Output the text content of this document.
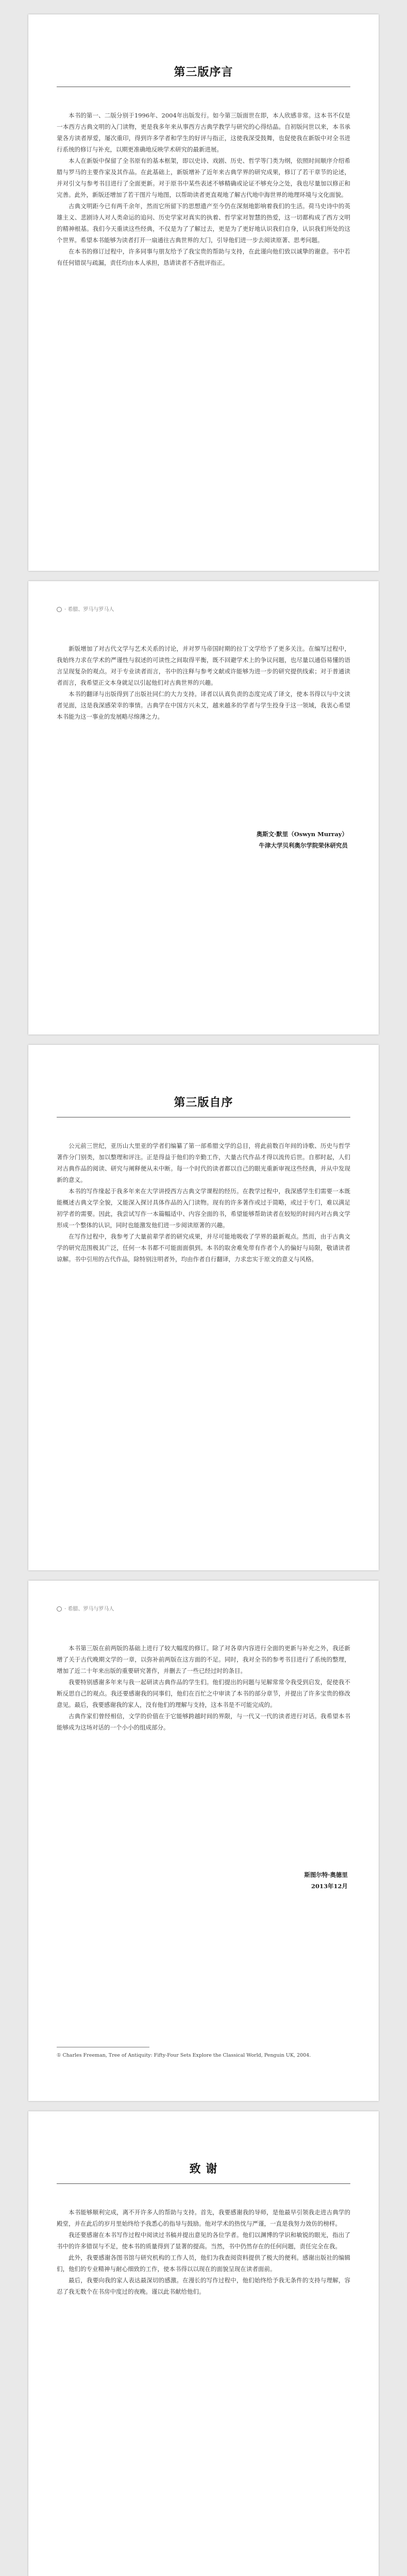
第三版序言

本书的第一、二版分别于1996年、2004年出版发行。如今第三版面世在即，本人欣感非常。这本书不仅是一本西方古典文明的入门读物，更是我多年来从事西方古典学教学与研究的心得结晶。自初版问世以来，本书承蒙各方读者厚爱，屡次重印，得到许多学者和学生的好评与指正，这使我深受鼓舞，也促使我在新版中对全书进行系统的修订与补充，以期更准确地反映学术研究的最新进展。

本人在新版中保留了全书原有的基本框架，即以史诗、戏剧、历史、哲学等门类为纲，依照时间顺序介绍希腊与罗马的主要作家及其作品。在此基础上，新版增补了近年来古典学界的研究成果，修订了若干章节的论述，并对引文与参考书目进行了全面更新。对于原书中某些表述不够精确或论证不够充分之处，我也尽量加以修正和完善。此外，新版还增加了若干图片与地图，以帮助读者更直观地了解古代地中海世界的地理环境与文化面貌。

古典文明距今已有两千余年，然而它所留下的思想遗产至今仍在深刻地影响着我们的生活。荷马史诗中的英雄主义、悲剧诗人对人类命运的追问、历史学家对真实的执着、哲学家对智慧的热爱，这一切都构成了西方文明的精神根基。我们今天重读这些经典，不仅是为了了解过去，更是为了更好地认识我们自身，认识我们所处的这个世界。希望本书能够为读者打开一扇通往古典世界的大门，引导他们进一步去阅读原著、思考问题。

在本书的修订过程中，许多同事与朋友给予了我宝贵的帮助与支持，在此谨向他们致以诚挚的谢意。书中若有任何错误与疏漏，责任均由本人承担，恳请读者不吝批评指正。

· 希腊、罗马与罗马人

新版增加了对古代文学与艺术关系的讨论，并对罗马帝国时期的拉丁文学给予了更多关注。在编写过程中，我始终力求在学术的严谨性与叙述的可读性之间取得平衡，既不回避学术上的争议问题，也尽量以通俗易懂的语言呈现复杂的观点。对于专业读者而言，书中的注释与参考文献或许能够为进一步的研究提供线索；对于普通读者而言，我希望正文本身就足以引起他们对古典世界的兴趣。

本书的翻译与出版得到了出版社同仁的大力支持。译者以认真负责的态度完成了译文，使本书得以与中文读者见面，这是我深感荣幸的事情。古典学在中国方兴未艾，越来越多的学者与学生投身于这一领域，我衷心希望本书能为这一事业的发展略尽绵薄之力。

奥斯文·默里（Oswyn Murray）
牛津大学贝利奥尔学院荣休研究员
第三版自序

公元前三世纪，亚历山大里亚的学者们编纂了第一部希腊文学的总目，将此前数百年间的诗歌、历史与哲学著作分门别类，加以整理和评注。正是得益于他们的辛勤工作，大量古代作品才得以流传后世。自那时起，人们对古典作品的阅读、研究与阐释便从未中断。每一个时代的读者都以自己的眼光重新审视这些经典，并从中发现新的意义。

本书的写作缘起于我多年来在大学讲授西方古典文学课程的经历。在教学过程中，我深感学生们需要一本既能概述古典文学全貌，又能深入探讨具体作品的入门读物。现有的许多著作或过于简略，或过于专门，难以满足初学者的需要。因此，我尝试写作一本篇幅适中、内容全面的书，希望能够帮助读者在较短的时间内对古典文学形成一个整体的认识，同时也能激发他们进一步阅读原著的兴趣。

在写作过程中，我参考了大量前辈学者的研究成果，并尽可能地吸收了学界的最新观点。然而，由于古典文学的研究范围极其广泛，任何一本书都不可能面面俱到。本书的取舍难免带有作者个人的偏好与局限，敬请读者谅解。书中引用的古代作品，除特别注明者外，均由作者自行翻译，力求忠实于原文的意义与风格。

· 希腊、罗马与罗马人

本书第三版在前两版的基础上进行了较大幅度的修订。除了对各章内容进行全面的更新与补充之外，我还新增了关于古代晚期文学的一章，以弥补前两版在这方面的不足。同时，我对全书的参考书目进行了系统的整理，增加了近二十年来出版的重要研究著作，并删去了一些已经过时的条目。

我要特别感谢多年来与我一起研读古典作品的学生们。他们提出的问题与见解常常令我受到启发，促使我不断反思自己的观点。我还要感谢我的同事们，他们在百忙之中审读了本书的部分章节，并提出了许多宝贵的修改意见。最后，我要感谢我的家人，没有他们的理解与支持，这本书是不可能完成的。

古典作家们曾经相信，文学的价值在于它能够跨越时间的界限，与一代又一代的读者进行对话。我希望本书能够成为这场对话的一个小小的组成部分。

斯图尔特·奥德里
2013年12月
① Charles Freeman, Tree of Antiquity: Fifty-Four Sets Explore the Classical World, Penguin UK, 2004.
致 谢

本书能够顺利完成，离不开许多人的帮助与支持。首先，我要感谢我的导师，是他最早引领我走进古典学的殿堂，并在此后的岁月里始终给予我悉心的指导与鼓励。他对学术的热忱与严谨，一直是我努力效仿的榜样。

我还要感谢在本书写作过程中阅读过书稿并提出意见的各位学者。他们以渊博的学识和敏锐的眼光，指出了书中的许多错误与不足，使本书的质量得到了显著的提高。当然，书中仍然存在的任何问题，责任完全在我。

此外，我要感谢各图书馆与研究机构的工作人员，他们为我查阅资料提供了极大的便利。感谢出版社的编辑们，他们的专业精神与耐心细致的工作，使本书得以以现在的面貌呈现在读者面前。

最后，我要向我的家人表达最深切的感激。在漫长的写作过程中，他们始终给予我无条件的支持与理解，容忍了我无数个在书房中度过的夜晚。谨以此书献给他们。
